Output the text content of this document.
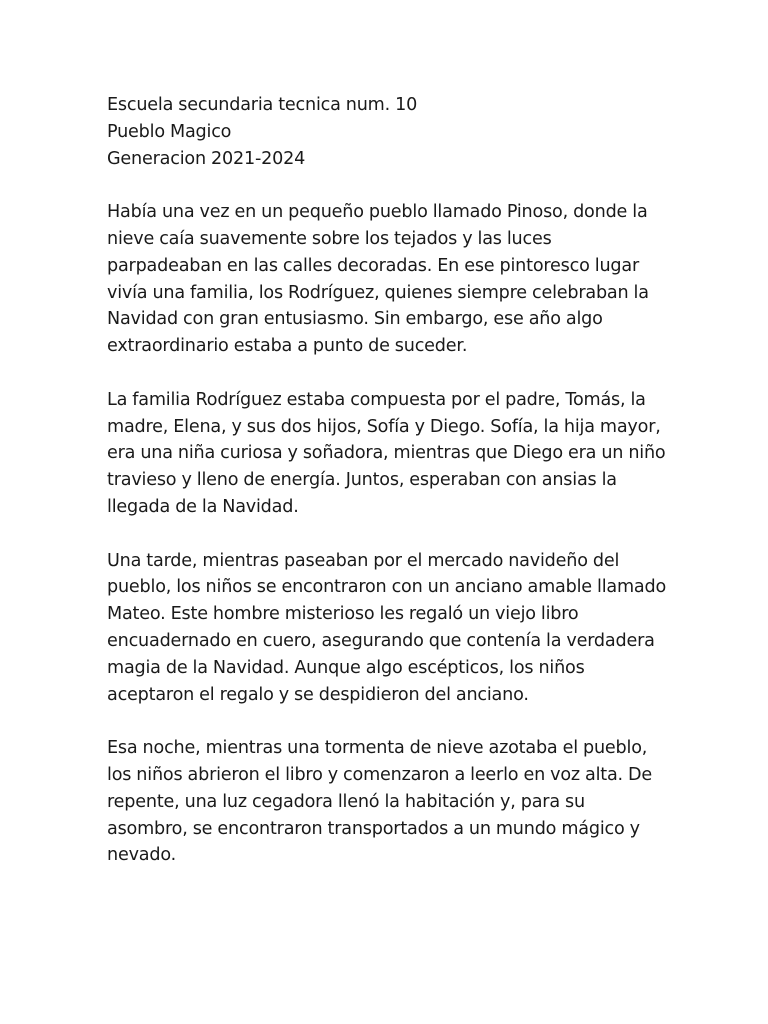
Escuela secundaria tecnica num. 10
Pueblo Magico
Generacion 2021-2024

Había una vez en un pequeño pueblo llamado Pinoso, donde la nieve caía suavemente sobre los tejados y las luces parpadeaban en las calles decoradas. En ese pintoresco lugar vivía una familia, los Rodríguez, quienes siempre celebraban la Navidad con gran entusiasmo. Sin embargo, ese año algo extraordinario estaba a punto de suceder.

La familia Rodríguez estaba compuesta por el padre, Tomás, la madre, Elena, y sus dos hijos, Sofía y Diego. Sofía, la hija mayor, era una niña curiosa y soñadora, mientras que Diego era un niño travieso y lleno de energía. Juntos, esperaban con ansias la llegada de la Navidad.

Una tarde, mientras paseaban por el mercado navideño del pueblo, los niños se encontraron con un anciano amable llamado Mateo. Este hombre misterioso les regaló un viejo libro encuadernado en cuero, asegurando que contenía la verdadera magia de la Navidad. Aunque algo escépticos, los niños aceptaron el regalo y se despidieron del anciano.

Esa noche, mientras una tormenta de nieve azotaba el pueblo, los niños abrieron el libro y comenzaron a leerlo en voz alta. De repente, una luz cegadora llenó la habitación y, para su asombro, se encontraron transportados a un mundo mágico y nevado.
